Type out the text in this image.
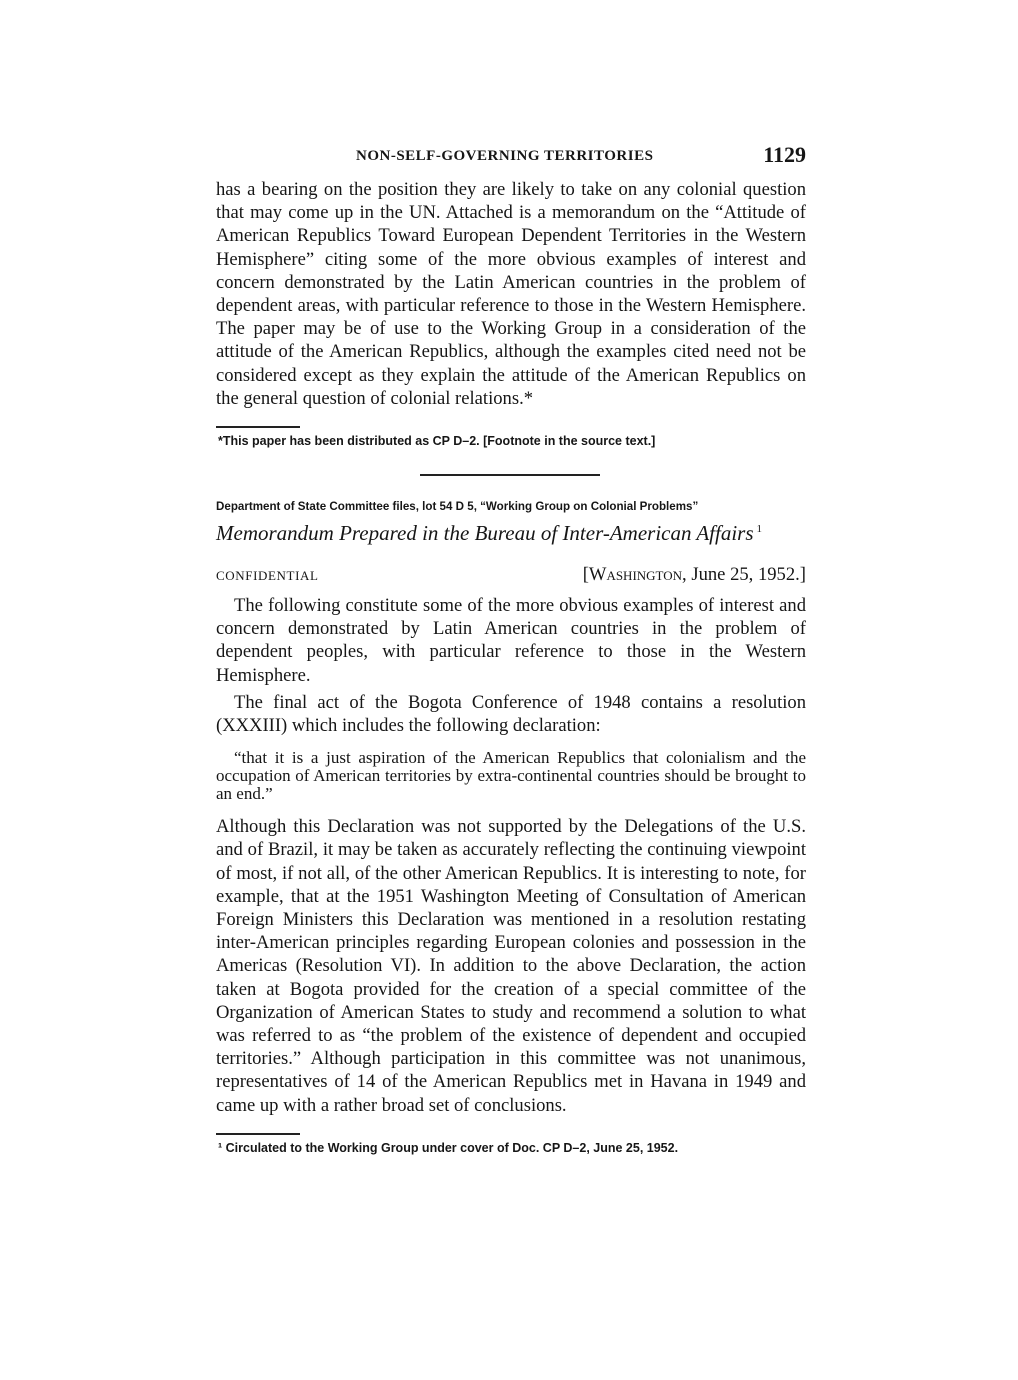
NON-SELF-GOVERNING TERRITORIES	1129

has a bearing on the position they are likely to take on any colonial question that may come up in the UN. Attached is a memorandum on the “Attitude of American Republics Toward European Dependent Territories in the Western Hemisphere” citing some of the more obvious examples of interest and concern demonstrated by the Latin American countries in the problem of dependent areas, with particular reference to those in the Western Hemisphere. The paper may be of use to the Working Group in a consideration of the attitude of the American Republics, although the examples cited need not be considered except as they explain the attitude of the American Republics on the general question of colonial relations.*

*This paper has been distributed as CP D–2. [Footnote in the source text.]

Department of State Committee files, lot 54 D 5, “Working Group on Colonial Problems”

Memorandum Prepared in the Bureau of Inter-American Affairs $^1$

CONFIDENTIAL	[Washington, June 25, 1952.]

The following constitute some of the more obvious examples of interest and concern demonstrated by Latin American countries in the problem of dependent peoples, with particular reference to those in the Western Hemisphere.

The final act of the Bogota Conference of 1948 contains a resolution (XXXIII) which includes the following declaration:

“that it is a just aspiration of the American Republics that colonialism and the occupation of American territories by extra-continental countries should be brought to an end.”

Although this Declaration was not supported by the Delegations of the U.S. and of Brazil, it may be taken as accurately reflecting the continuing viewpoint of most, if not all, of the other American Republics. It is interesting to note, for example, that at the 1951 Washington Meeting of Consultation of American Foreign Ministers this Declaration was mentioned in a resolution restating inter-American principles regarding European colonies and possession in the Americas (Resolution VI). In addition to the above Declaration, the action taken at Bogota provided for the creation of a special committee of the Organization of American States to study and recommend a solution to what was referred to as “the problem of the existence of dependent and occupied territories.” Although participation in this committee was not unanimous, representatives of 14 of the American Republics met in Havana in 1949 and came up with a rather broad set of conclusions.

¹ Circulated to the Working Group under cover of Doc. CP D–2, June 25, 1952.
